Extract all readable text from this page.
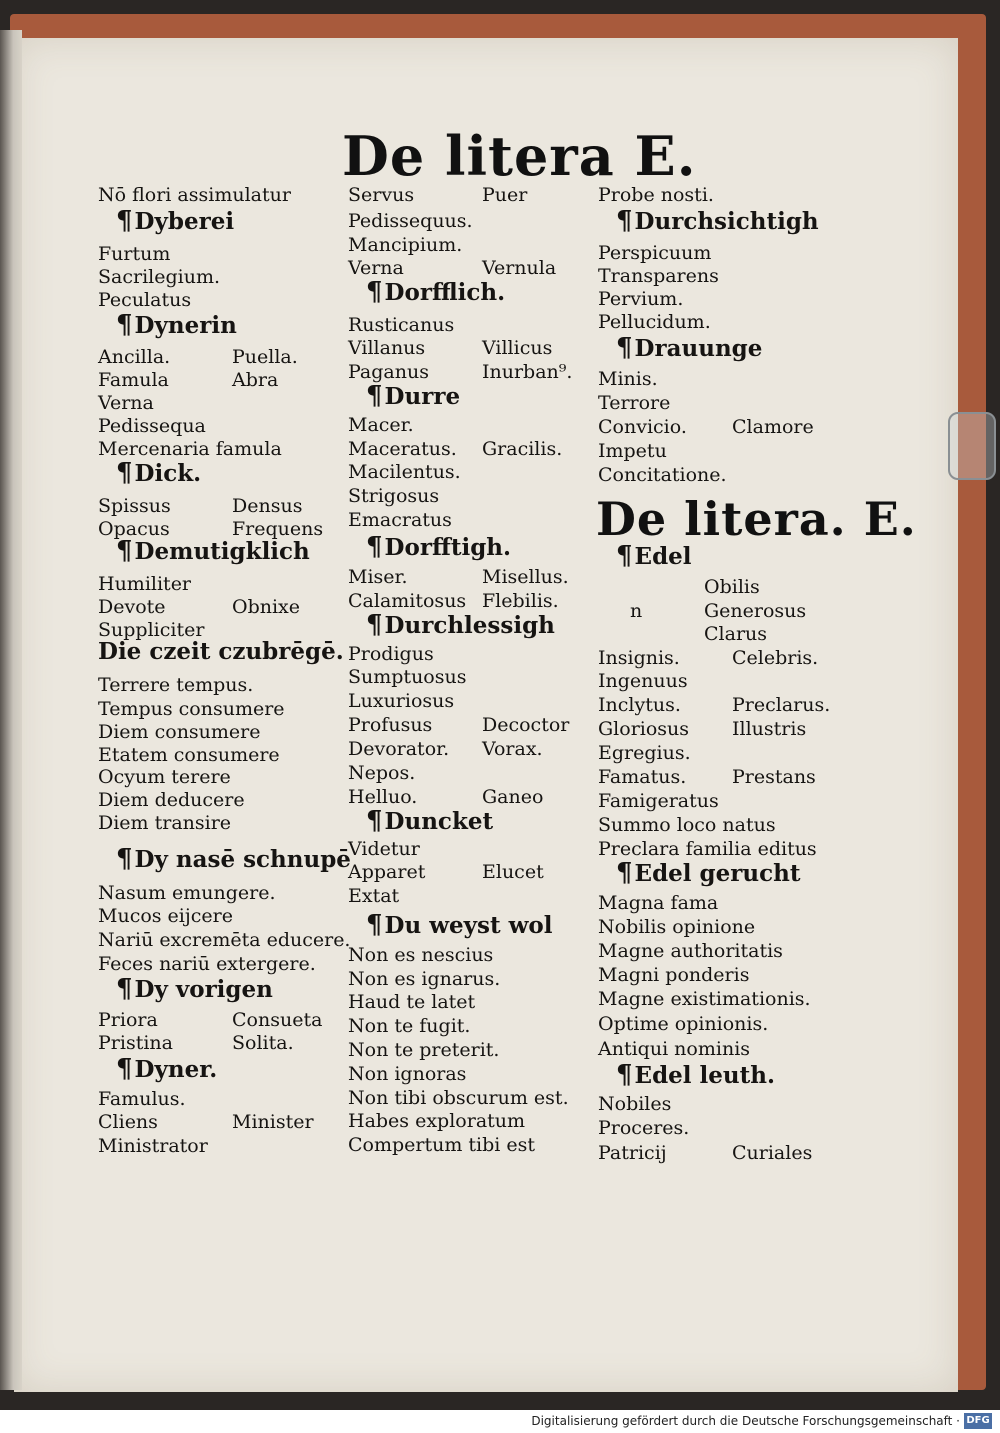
De litera E.
De litera. E.
Nō flori assimulatur
¶Dyberei
Furtum
Sacrilegium.
Peculatus
¶Dynerin
Ancilla.	Puella.
Famula	Abra
Verna
Pedissequa
Mercenaria famula
¶Dick.
Spissus	Densus
Opacus	Frequens
¶Demutigklich
Humiliter
Devote	Obnixe
Suppliciter
Die czeit czubrēgē.
Terrere tempus.
Tempus consumere
Diem consumere
Etatem consumere
Ocyum terere
Diem deducere
Diem transire
¶Dy nasē schnupē
Nasum emungere.
Mucos eijcere
Nariū excremēta educere.
Feces nariū extergere.
¶Dy vorigen
Priora	Consueta
Pristina	Solita.
¶Dyner.
Famulus.
Cliens	Minister
Ministrator
Servus	Puer
Pedissequus.
Mancipium.
Verna	Vernula
¶Dorfflich.
Rusticanus
Villanus	Villicus
Paganus	Inurban⁹.
¶Durre
Macer.
Maceratus. Gracilis.
Macilentus.
Strigosus
Emacratus
¶Dorfftigh.
Miser.	Misellus.
Calamitosus Flebilis.
¶Durchlessigh
Prodigus
Sumptuosus
Luxuriosus
Profusus	Decoctor
Devorator. Vorax.
Nepos.
Helluo.	Ganeo
¶Duncket
Videtur
Apparet	Elucet
Extat
¶Du weyst wol
Non es nescius
Non es ignarus.
Haud te latet
Non te fugit.
Non te preterit.
Non ignoras
Non tibi obscurum est.
Habes exploratum
Compertum tibi est
Probe nosti.
¶Durchsichtigh
Perspicuum
Transparens
Pervium.
Pellucidum.
¶Drauunge
Minis.
Terrore
Convicio. Clamore
Impetu
Concitatione.
¶Edel
Obilis
n	Generosus
Clarus
Insignis.	Celebris.
Ingenuus
Inclytus.	Preclarus.
Gloriosus Illustris
Egregius.
Famatus. Prestans
Famigeratus
Summo loco natus
Preclara familia editus
¶Edel gerucht
Magna fama
Nobilis opinione
Magne authoritatis
Magni ponderis
Magne existimationis.
Optime opinionis.
Antiqui nominis
¶Edel leuth.
Nobiles
Proceres.
Patricij	Curiales
Digitalisierung gefördert durch die Deutsche Forschungsgemeinschaft · DFG
